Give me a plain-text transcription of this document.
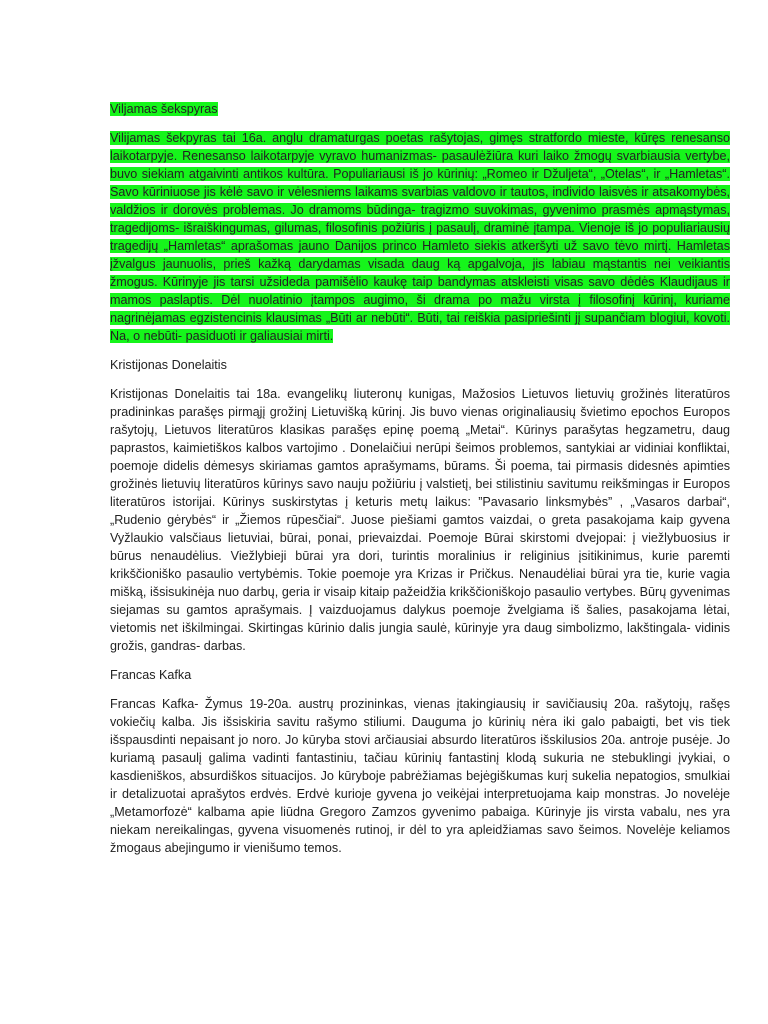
Viljamas šekspyras

Vilijamas šekpyras tai 16a. anglu dramaturgas poetas rašytojas, gimęs stratfordo mieste, kūręs renesanso laikotarpyje. Renesanso laikotarpyje vyravo humanizmas- pasaulėžiūra kuri laiko žmogų svarbiausia vertybe, buvo siekiam atgaivinti antikos kultūra. Populiariausi iš jo kūrinių: „Romeo ir Džuljeta“, „Otelas“, ir „Hamletas“. Savo kūriniuose jis kėlė savo ir vėlesniems laikams svarbias valdovo ir tautos, individo laisvės ir atsakomybės, valdžios ir dorovės problemas. Jo dramoms būdinga- tragizmo suvokimas, gyvenimo prasmės apmąstymas, tragedijoms- išraiškingumas, gilumas, filosofinis požiūris į pasaulį, draminė įtampa. Vienoje iš jo populiariausių tragedijų „Hamletas“ aprašomas jauno Danijos princo Hamleto siekis atkeršyti už savo tėvo mirtį. Hamletas įžvalgus jaunuolis, prieš kažką darydamas visada daug ką apgalvoja, jis labiau mąstantis nei veikiantis žmogus. Kūrinyje jis tarsi užsideda pamišėlio kaukę taip bandymas atskleisti visas savo dėdės Klaudijaus ir mamos paslaptis. Dėl nuolatinio įtampos augimo, ši drama po mažu virsta į filosofinį kūrinį, kuriame nagrinėjamas egzistencinis klausimas „Būti ar nebūti“. Būti, tai reiškia pasipriešinti jį supančiam blogiui, kovoti. Na, o nebūti- pasiduoti ir galiausiai mirti.

Kristijonas Donelaitis

Kristijonas Donelaitis tai 18a. evangelikų liuteronų kunigas, Mažosios Lietuvos lietuvių grožinės literatūros pradininkas parašęs pirmąjį grožinį Lietuvišką kūrinį. Jis buvo vienas originaliausių švietimo epochos Europos rašytojų, Lietuvos literatūros klasikas parašęs epinę poemą „Metai“. Kūrinys parašytas hegzametru, daug paprastos, kaimietiškos kalbos vartojimo . Donelaičiui nerūpi šeimos problemos, santykiai ar vidiniai konfliktai, poemoje didelis dėmesys skiriamas gamtos aprašymams, būrams. Ši poema, tai pirmasis didesnės apimties grožinės lietuvių literatūros kūrinys savo nauju požiūriu į valstietį, bei stilistiniu savitumu reikšmingas ir Europos literatūros istorijai. Kūrinys suskirstytas į keturis metų laikus: ”Pavasario linksmybės” , „Vasaros darbai“, „Rudenio gėrybės“ ir „Žiemos rūpesčiai“. Juose piešiami gamtos vaizdai, o greta pasakojama kaip gyvena Vyžlaukio valsčiaus lietuviai, būrai, ponai, prievaizdai. Poemoje Būrai skirstomi dvejopai: į viežlybuosius ir būrus nenaudėlius. Viežlybieji būrai yra dori, turintis moralinius ir religinius įsitikinimus, kurie paremti krikščioniško pasaulio vertybėmis. Tokie poemoje yra Krizas ir Pričkus. Nenaudėliai būrai yra tie, kurie vagia mišką, išsisukinėja nuo darbų, geria ir visaip kitaip pažeidžia krikščioniškojo pasaulio vertybes. Būrų gyvenimas siejamas su gamtos aprašymais. Į vaizduojamus dalykus poemoje žvelgiama iš šalies, pasakojama lėtai, vietomis net iškilmingai. Skirtingas kūrinio dalis jungia saulė, kūrinyje yra daug simbolizmo, lakštingala- vidinis grožis, gandras- darbas.

Francas Kafka

Francas Kafka- Žymus 19-20a. austrų prozininkas, vienas įtakingiausių ir savičiausių 20a. rašytojų, rašęs vokiečių kalba. Jis išsiskiria savitu rašymo stiliumi. Dauguma jo kūrinių nėra iki galo pabaigti, bet vis tiek išspausdinti nepaisant jo noro. Jo kūryba stovi arčiausiai absurdo literatūros išskilusios 20a. antroje pusėje. Jo kuriamą pasaulį galima vadinti fantastiniu, tačiau kūrinių fantastinį klodą sukuria ne stebuklingi įvykiai, o kasdieniškos, absurdiškos situacijos. Jo kūryboje pabrėžiamas bejėgiškumas kurį sukelia nepatogios, smulkiai ir detalizuotai aprašytos erdvės. Erdvė kurioje gyvena jo veikėjai interpretuojama kaip monstras. Jo novelėje „Metamorfozė“ kalbama apie liūdna Gregoro Zamzos gyvenimo pabaiga. Kūrinyje jis virsta vabalu, nes yra niekam nereikalingas, gyvena visuomenės rutinoj, ir dėl to yra apleidžiamas savo šeimos. Novelėje keliamos žmogaus abejingumo ir vienišumo temos.
